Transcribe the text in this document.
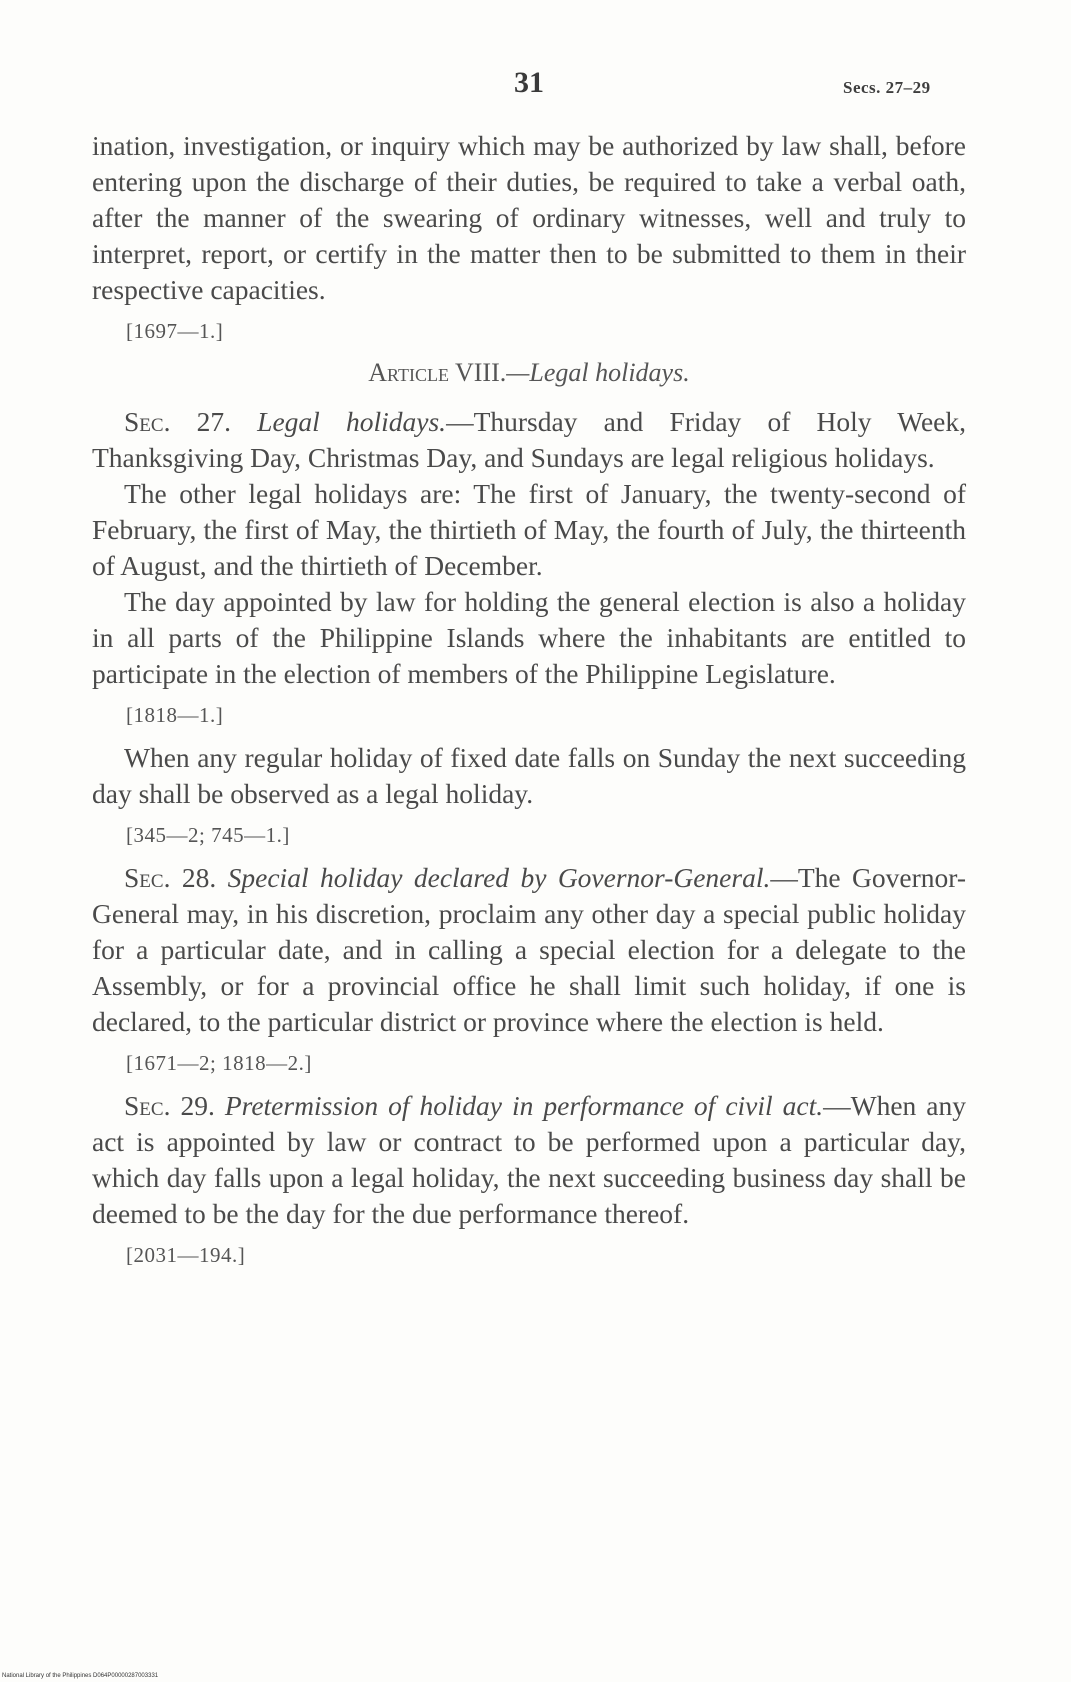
31	Secs. 27–29

ination, investigation, or inquiry which may be authorized by law shall, before entering upon the discharge of their duties, be required to take a verbal oath, after the manner of the swearing of ordinary witnesses, well and truly to interpret, report, or certify in the matter then to be submitted to them in their respective capacities.

[1697—1.]
Article VIII.—Legal holidays.

Sec. 27. Legal holidays.—Thursday and Friday of Holy Week, Thanksgiving Day, Christmas Day, and Sundays are legal religious holidays.

The other legal holidays are: The first of January, the twenty-second of February, the first of May, the thirtieth of May, the fourth of July, the thirteenth of August, and the thirtieth of December.

The day appointed by law for holding the general election is also a holiday in all parts of the Philippine Islands where the inhabitants are entitled to participate in the election of members of the Philippine Legislature.

[1818—1.]

When any regular holiday of fixed date falls on Sunday the next succeeding day shall be observed as a legal holiday.

[345—2; 745—1.]

Sec. 28. Special holiday declared by Governor-General.—The Governor-General may, in his discretion, proclaim any other day a special public holiday for a particular date, and in calling a special election for a delegate to the Assembly, or for a provincial office he shall limit such holiday, if one is declared, to the particular district or province where the election is held.

[1671—2; 1818—2.]

Sec. 29. Pretermission of holiday in performance of civil act.—When any act is appointed by law or contract to be performed upon a particular day, which day falls upon a legal holiday, the next succeeding business day shall be deemed to be the day for the due performance thereof.

[2031—194.]
National Library of the Philippines D064P00000287003331
